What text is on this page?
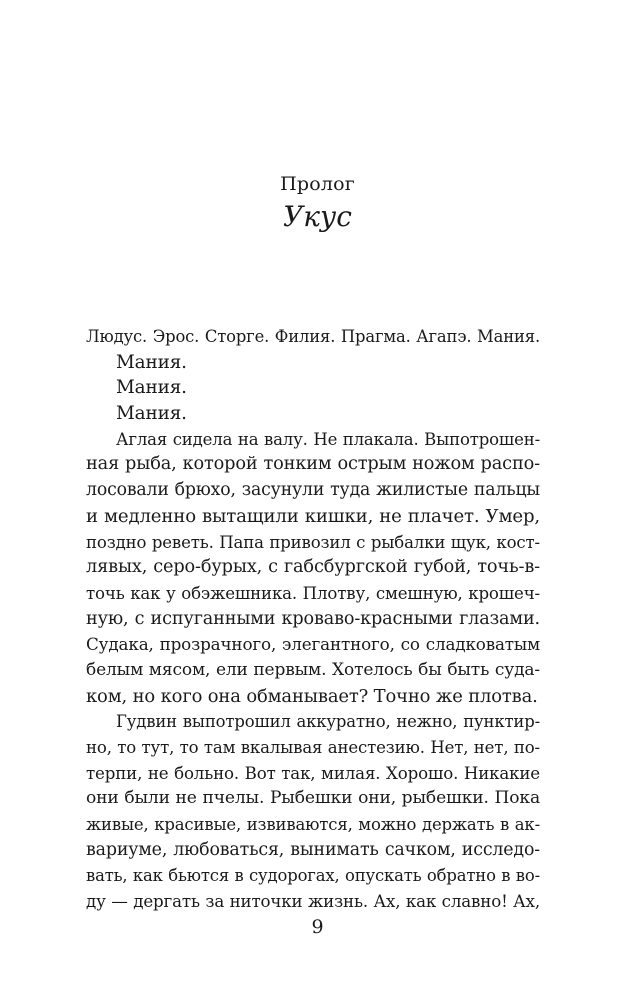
Пролог
Укус
Людус. Эрос. Сторге. Филия. Прагма. Агапэ. Мания.
Мания.
Мания.
Мания.
Аглая сидела на валу. Не плакала. Выпотрошен-
ная рыба, которой тонким острым ножом распо-
лосовали брюхо, засунули туда жилистые пальцы
и медленно вытащили кишки, не плачет. Умер,
поздно реветь. Папа привозил с рыбалки щук, кост-
лявых, серо-бурых, с габсбургской губой, точь-в-
точь как у обэжешника. Плотву, смешную, крошеч-
ную, с испуганными кроваво-красными глазами.
Судака, прозрачного, элегантного, со сладковатым
белым мясом, ели первым. Хотелось бы быть суда-
ком, но кого она обманывает? Точно же плотва.
Гудвин выпотрошил аккуратно, нежно, пунктир-
но, то тут, то там вкалывая анестезию. Нет, нет, по-
терпи, не больно. Вот так, милая. Хорошо. Никакие
они были не пчелы. Рыбешки они, рыбешки. Пока
живые, красивые, извиваются, можно держать в ак-
вариуме, любоваться, вынимать сачком, исследо-
вать, как бьются в судорогах, опускать обратно в во-
ду — дергать за ниточки жизнь. Ах, как славно! Ах,
9
